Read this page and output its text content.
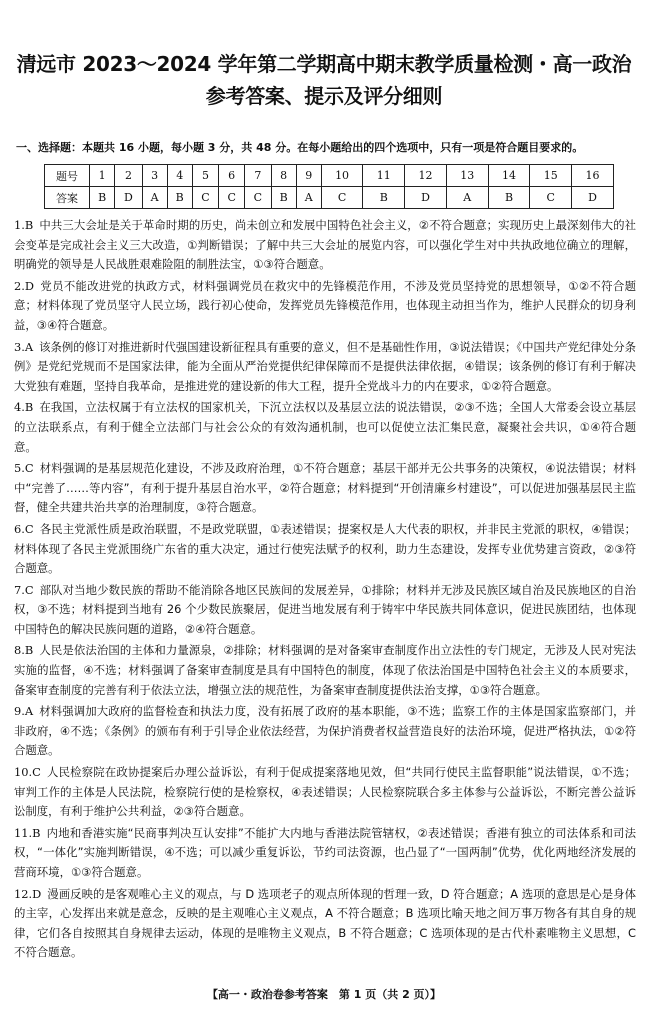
清远市 2023～2024 学年第二学期高中期末教学质量检测・高一政治
参考答案、提示及评分细则
一、选择题：本题共 16 小题，每小题 3 分，共 48 分。在每小题给出的四个选项中，只有一项是符合题目要求的。
题号	1	2	3	4	5	6	7	8	9	10	11	12	13	14	15	16
答案	B	D	A	B	C	C	C	B	A	C	B	D	A	B	C	D
1.B 中共三大会址是关于革命时期的历史，尚未创立和发展中国特色社会主义，②不符合题意；实现历史上最深刻伟大的社会变革是完成社会主义三大改造，①判断错误；了解中共三大会址的展览内容，可以强化学生对中共执政地位确立的理解，明确党的领导是人民战胜艰难险阻的制胜法宝，①③符合题意。
2.D 党员不能改进党的执政方式，材料强调党员在救灾中的先锋模范作用，不涉及党员坚持党的思想领导，①②不符合题意；材料体现了党员坚守人民立场，践行初心使命，发挥党员先锋模范作用，也体现主动担当作为，维护人民群众的切身利益，③④符合题意。
3.A 该条例的修订对推进新时代强国建设新征程具有重要的意义，但不是基础性作用，③说法错误；《中国共产党纪律处分条例》是党纪党规而不是国家法律，能为全面从严治党提供纪律保障而不是提供法律依据，④错误；该条例的修订有利于解决大党独有难题，坚持自我革命，是推进党的建设新的伟大工程，提升全党战斗力的内在要求，①②符合题意。
4.B 在我国，立法权属于有立法权的国家机关，下沉立法权以及基层立法的说法错误，②③不选；全国人大常委会设立基层的立法联系点，有利于健全立法部门与社会公众的有效沟通机制，也可以促使立法汇集民意，凝聚社会共识，①④符合题意。
5.C 材料强调的是基层规范化建设，不涉及政府治理，①不符合题意；基层干部并无公共事务的决策权，④说法错误；材料中“完善了……等内容”，有利于提升基层自治水平，②符合题意；材料提到“开创清廉乡村建设”，可以促进加强基层民主监督，健全共建共治共享的治理制度，③符合题意。
6.C 各民主党派性质是政治联盟，不是政党联盟，①表述错误；提案权是人大代表的职权，并非民主党派的职权，④错误；材料体现了各民主党派围绕广东省的重大决定，通过行使宪法赋予的权利，助力生态建设，发挥专业优势建言资政，②③符合题意。
7.C 部队对当地少数民族的帮助不能消除各地区民族间的发展差异，①排除；材料并无涉及民族区域自治及民族地区的自治权，③不选；材料提到当地有 26 个少数民族聚居，促进当地发展有利于铸牢中华民族共同体意识，促进民族团结，也体现中国特色的解决民族问题的道路，②④符合题意。
8.B 人民是依法治国的主体和力量源泉，②排除；材料强调的是对备案审查制度作出立法性的专门规定，无涉及人民对宪法实施的监督，④不选；材料强调了备案审查制度是具有中国特色的制度，体现了依法治国是中国特色社会主义的本质要求，备案审查制度的完善有利于依法立法，增强立法的规范性，为备案审查制度提供法治支撑，①③符合题意。
9.A 材料强调加大政府的监督检查和执法力度，没有拓展了政府的基本职能，③不选；监察工作的主体是国家监察部门，并非政府，④不选；《条例》的颁布有利于引导企业依法经营，为保护消费者权益营造良好的法治环境，促进严格执法，①②符合题意。
10.C 人民检察院在政协提案后办理公益诉讼，有利于促成提案落地见效，但“共同行使民主监督职能”说法错误，①不选；审判工作的主体是人民法院，检察院行使的是检察权，④表述错误；人民检察院联合多主体参与公益诉讼，不断完善公益诉讼制度，有利于维护公共利益，②③符合题意。
11.B 内地和香港实施“民商事判决互认安排”不能扩大内地与香港法院管辖权，②表述错误；香港有独立的司法体系和司法权，“一体化”实施判断错误，④不选；可以减少重复诉讼，节约司法资源，也凸显了“一国两制”优势，优化两地经济发展的营商环境，①③符合题意。
12.D 漫画反映的是客观唯心主义的观点，与 D 选项老子的观点所体现的哲理一致，D 符合题意；A 选项的意思是心是身体的主宰，心发挥出来就是意念，反映的是主观唯心主义观点，A 不符合题意；B 选项比喻天地之间万事万物各有其自身的规律，它们各自按照其自身规律去运动，体现的是唯物主义观点，B 不符合题意；C 选项体现的是古代朴素唯物主义思想，C 不符合题意。
【高一・政治卷参考答案　第 1 页（共 2 页）】
